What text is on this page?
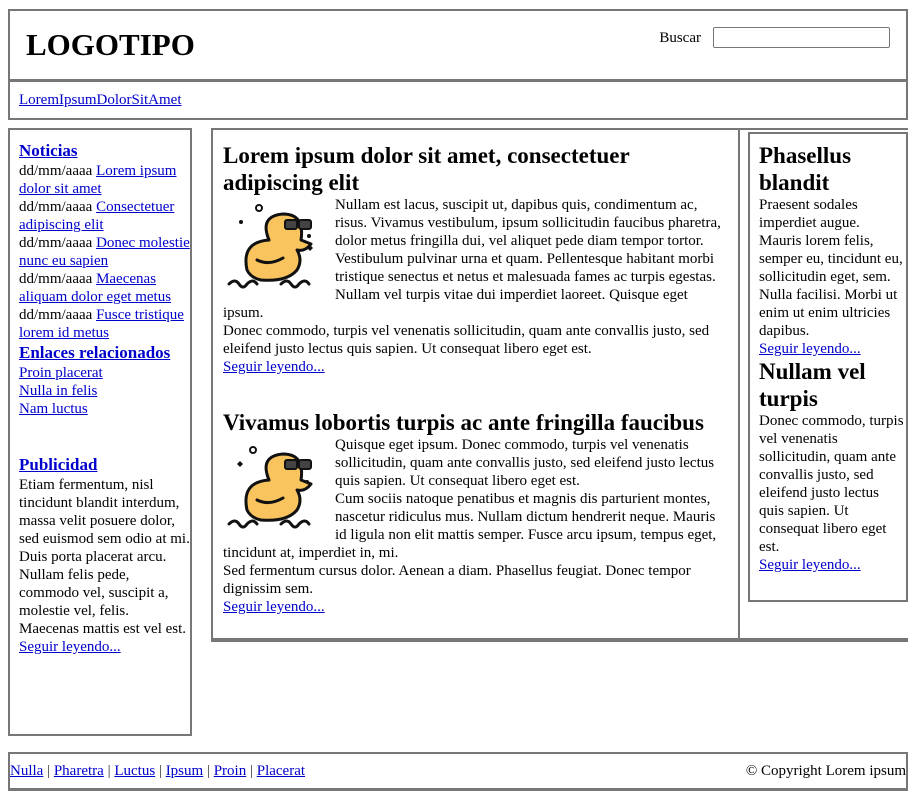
LOGOTIPO	Buscar
LoremIpsumDolorSitAmet
Noticias

dd/mm/aaaa Lorem ipsum dolor sit amet

dd/mm/aaaa Consectetuer adipiscing elit

dd/mm/aaaa Donec molestie nunc eu sapien

dd/mm/aaaa Maecenas aliquam dolor eget metus

dd/mm/aaaa Fusce tristique lorem id metus

Enlaces relacionados
Proin placerat
Nulla in felis
Nam luctus
Publicidad

Etiam fermentum, nisl tincidunt blandit interdum, massa velit posuere dolor, sed euismod sem odio at mi. Duis porta placerat arcu. Nullam felis pede, commodo vel, suscipit a, molestie vel, felis. Maecenas mattis est vel est.

Seguir leyendo...
Lorem ipsum dolor sit amet, consectetuer adipiscing elit

Nullam est lacus, suscipit ut, dapibus quis, condimentum ac, risus. Vivamus vestibulum, ipsum sollicitudin faucibus pharetra, dolor metus fringilla dui, vel aliquet pede diam tempor tortor.

Vestibulum pulvinar urna et quam. Pellentesque habitant morbi tristique senectus et netus et malesuada fames ac turpis egestas. Nullam vel turpis vitae dui imperdiet laoreet. Quisque eget ipsum.

Donec commodo, turpis vel venenatis sollicitudin, quam ante convallis justo, sed eleifend justo lectus quis sapien. Ut consequat libero eget est.

Seguir leyendo...
Vivamus lobortis turpis ac ante fringilla faucibus

Quisque eget ipsum. Donec commodo, turpis vel venenatis sollicitudin, quam ante convallis justo, sed eleifend justo lectus quis sapien. Ut consequat libero eget est.

Cum sociis natoque penatibus et magnis dis parturient montes, nascetur ridiculus mus. Nullam dictum hendrerit neque. Mauris id ligula non elit mattis semper. Fusce arcu ipsum, tempus eget, tincidunt at, imperdiet in, mi.

Sed fermentum cursus dolor. Aenean a diam. Phasellus feugiat. Donec tempor dignissim sem.

Seguir leyendo...
Phasellus blandit

Praesent sodales imperdiet augue. Mauris lorem felis, semper eu, tincidunt eu, sollicitudin eget, sem. Nulla facilisi. Morbi ut enim ut enim ultricies dapibus.

Seguir leyendo...
Nullam vel turpis

Donec commodo, turpis vel venenatis sollicitudin, quam ante convallis justo, sed eleifend justo lectus quis sapien. Ut consequat libero eget est.

Seguir leyendo...
Nulla | Pharetra | Luctus | Ipsum | Proin | Placerat	© Copyright Lorem ipsum
